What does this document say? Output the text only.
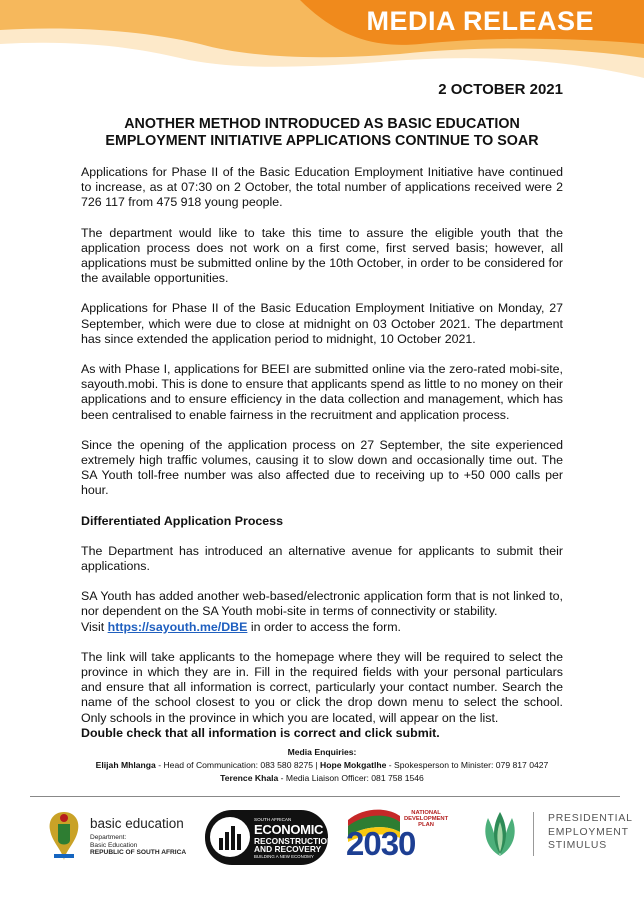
MEDIA RELEASE
2 OCTOBER 2021
ANOTHER METHOD INTRODUCED AS BASIC EDUCATION
EMPLOYMENT INITIATIVE APPLICATIONS CONTINUE TO SOAR

Applications for Phase II of the Basic Education Employment Initiative have continued to increase, as at 07:30 on 2 October, the total number of applications received were 2 726 117 from 475 918 young people.

The department would like to take this time to assure the eligible youth that the application process does not work on a first come, first served basis; however, all applications must be submitted online by the 10th October, in order to be considered for the available opportunities.

Applications for Phase II of the Basic Education Employment Initiative on Monday, 27 September, which were due to close at midnight on 03 October 2021. The department has since extended the application period to midnight, 10 October 2021.

As with Phase I, applications for BEEI are submitted online via the zero-rated mobi-site, sayouth.mobi. This is done to ensure that applicants spend as little to no money on their applications and to ensure efficiency in the data collection and management, which has been centralised to enable fairness in the recruitment and application process.

Since the opening of the application process on 27 September, the site experienced extremely high traffic volumes, causing it to slow down and occasionally time out. The SA Youth toll-free number was also affected due to receiving up to +50 000 calls per hour.

Differentiated Application Process

The Department has introduced an alternative avenue for applicants to submit their applications.

SA Youth has added another web-based/electronic application form that is not linked to, nor dependent on the SA Youth mobi-site in terms of connectivity or stability.
Visit https://sayouth.me/DBE in order to access the form.

The link will take applicants to the homepage where they will be required to select the province in which they are in. Fill in the required fields with your personal particulars and ensure that all information is correct, particularly your contact number. Search the name of the school closest to you or click the drop down menu to select the school. Only schools in the province in which you are located, will appear on the list.
Double check that all information is correct and click submit.

Media Enquiries:
Elijah Mhlanga - Head of Communication: 083 580 8275 | Hope Mokgatlhe - Spokesperson to Minister: 079 817 0427
Terence Khala - Media Liaison Officer: 081 758 1546
basic education
Department:
Basic Education
REPUBLIC OF SOUTH AFRICA
SOUTH AFRICAN
ECONOMIC
RECONSTRUCTION
AND RECOVERY
BUILDING A NEW ECONOMY
NATIONAL
DEVELOPMENT
PLAN
2030
PRESIDENTIAL
EMPLOYMENT
STIMULUS
